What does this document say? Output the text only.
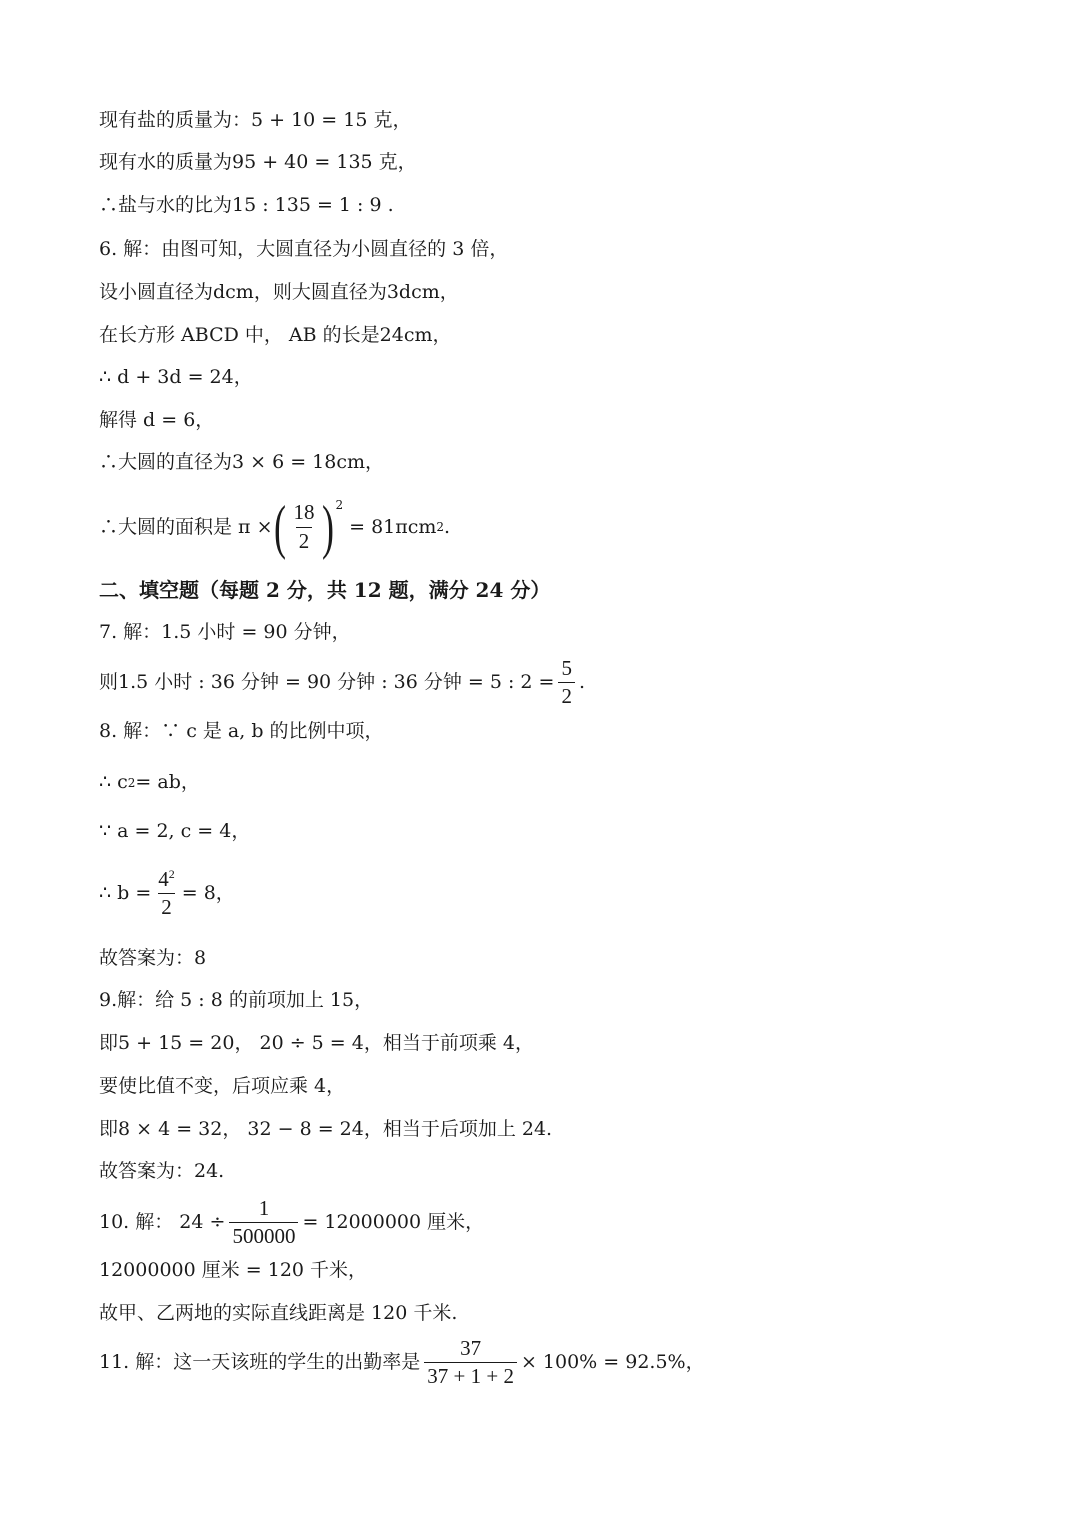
现有盐的质量为：5 + 10 = 15 克，
现有水的质量为95 + 40 = 135 克，
∴盐与水的比为15 : 135 = 1 : 9 .
6. 解：由图可知，大圆直径为小圆直径的 3 倍，
设小圆直径为dcm，则大圆直径为3dcm，
在长方形 ABCD 中， AB 的长是24cm，
∴ d + 3d = 24，
解得 d = 6，
∴大圆的直径为3 × 6 = 18cm，
∴大圆的面积是 π × ( $\frac{18}{2} )^2$
= 81πcm 2 .
二、填空题（每题 2 分，共 12 题，满分 24 分）
7. 解：1.5 小时 = 90 分钟，
则1.5 小时 : 36 分钟 = 90 分钟 : 36 分钟 = 5 : $2 = \frac{5}{2}$ .
8. 解：∵ c 是 a, b 的比例中项，
∴ c 2 = ab，
∵ a = 2, c = 4，
∴ $b = \frac{4^2}{2} = 8$，
故答案为：8
9.解：给 5 : 8 的前项加上 15，
即5 + 15 = 20， 20 ÷ 5 = 4，相当于前项乘 4，
要使比值不变，后项应乘 4，
即8 × 4 = 32， 32 − 8 = 24，相当于后项加上 24.
故答案为：24.
10. 解： $24 \div \frac{1}{500000} = 12000000$ 厘米，
12000000 厘米 = 120 千米，
故甲、乙两地的实际直线距离是 120 千米.
11. 解：这一天该班的学生的出勤率是 $\frac{37}{37 + 1 + 2} \times 100\% = 92.5\%$，
